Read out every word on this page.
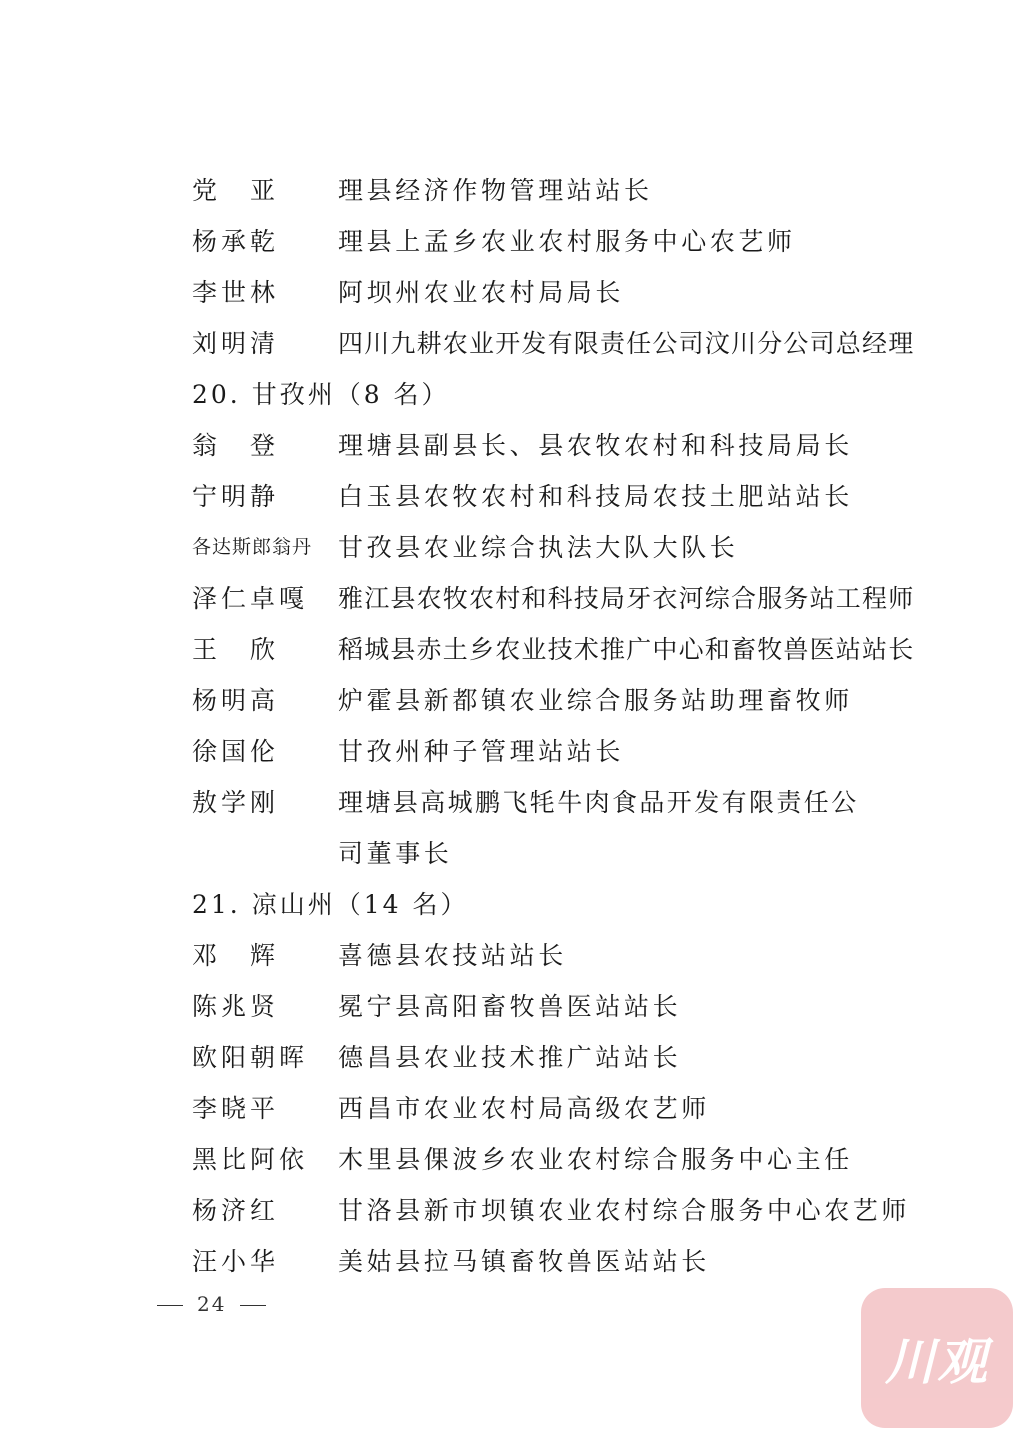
党　亚	理县经济作物管理站站长
杨承乾	理县上孟乡农业农村服务中心农艺师
李世林	阿坝州农业农村局局长
刘明清	四川九耕农业开发有限责任公司汶川分公司总经理
20. 甘孜州（8 名）
翁　登	理塘县副县长、县农牧农村和科技局局长
宁明静	白玉县农牧农村和科技局农技土肥站站长
各达斯郎翁丹	甘孜县农业综合执法大队大队长
泽仁卓嘎	雅江县农牧农村和科技局牙衣河综合服务站工程师
王　欣	稻城县赤土乡农业技术推广中心和畜牧兽医站站长
杨明高	炉霍县新都镇农业综合服务站助理畜牧师
徐国伦	甘孜州种子管理站站长
敖学刚	理塘县高城鹏飞牦牛肉食品开发有限责任公
司董事长
21. 凉山州（14 名）
邓　辉	喜德县农技站站长
陈兆贤	冕宁县高阳畜牧兽医站站长
欧阳朝晖	德昌县农业技术推广站站长
李晓平	西昌市农业农村局高级农艺师
黑比阿依	木里县倮波乡农业农村综合服务中心主任
杨济红	甘洛县新市坝镇农业农村综合服务中心农艺师
汪小华	美姑县拉马镇畜牧兽医站站长
24
川观
